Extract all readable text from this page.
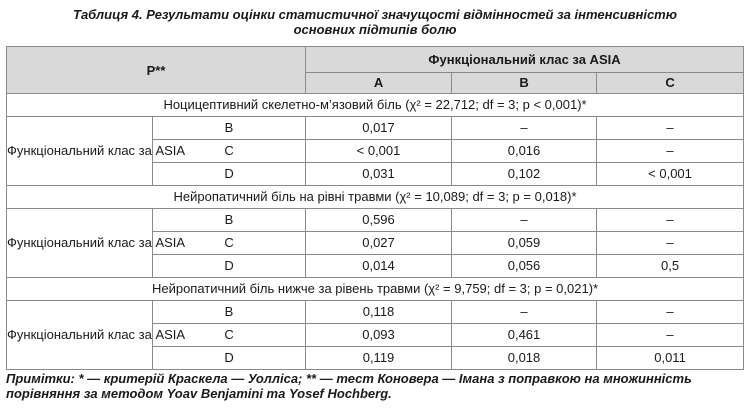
Таблиця 4. Результати оцінки статистичної значущості відмінностей за інтенсивністю
основних підтипів болю
P**		Функціональний клас за ASIA		
		A	B	C
Ноцицептивний скелетно-м’язовий біль (χ² = 22,712; df = 3; p < 0,001)*				
Функціональний клас за ASIA	B	0,017	–	–
	C	< 0,001	0,016	–
	D	0,031	0,102	< 0,001
Нейропатичний біль на рівні травми (χ² = 10,089; df = 3; p = 0,018)*				
Функціональний клас за ASIA	B	0,596	–	–
	C	0,027	0,059	–
	D	0,014	0,056	0,5
Нейропатичний біль нижче за рівень травми (χ² = 9,759; df = 3; p = 0,021)*				
Функціональний клас за ASIA	B	0,118	–	–
	C	0,093	0,461	–
	D	0,119	0,018	0,011
Примітки: * — критерій Краскела — Уолліса; ** — тест Коновера — Імана з поправкою на множинність порівняння за методом Yoav Benjamini та Yosef Hochberg.
